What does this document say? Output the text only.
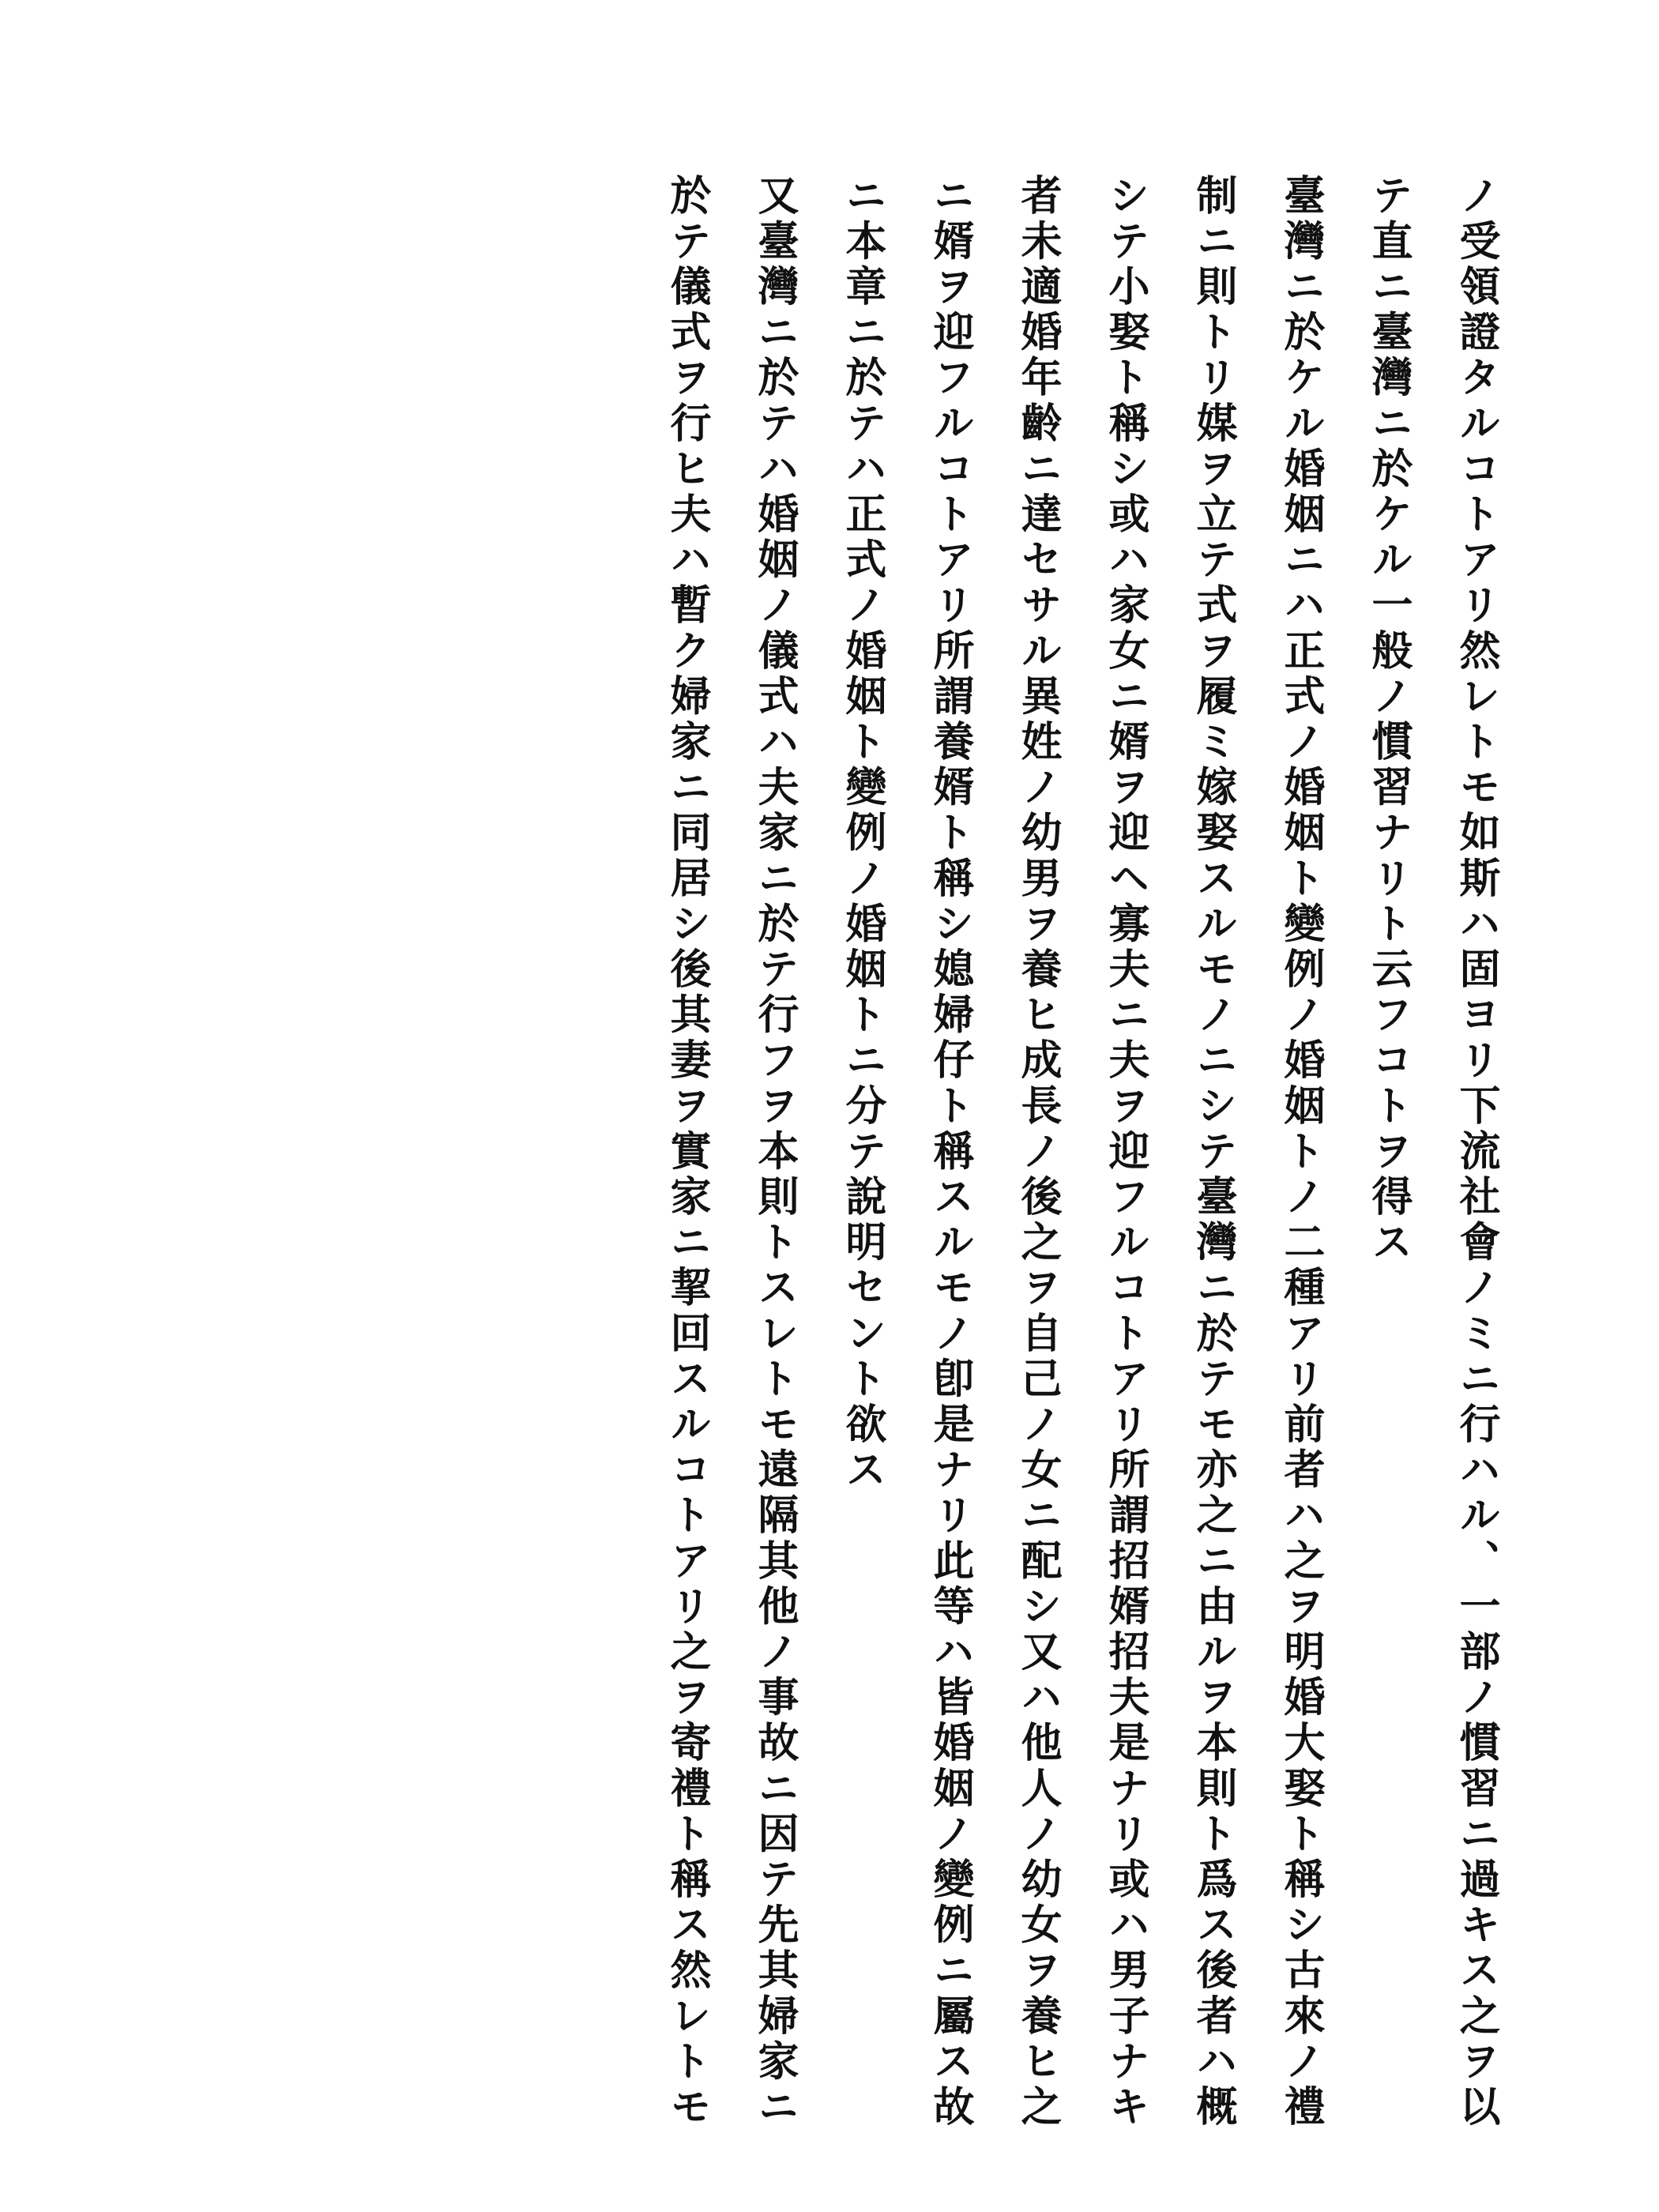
ノ受領證タルコトアリ然レトモ如斯ハ固ヨリ下流社會ノミニ行ハル、一部ノ慣習ニ過キス之ヲ以
テ直ニ臺灣ニ於ケル一般ノ慣習ナリト云フコトヲ得ス
臺灣ニ於ケル婚姻ニハ正式ノ婚姻ト變例ノ婚姻トノ二種アリ前者ハ之ヲ明婚大娶ト稱シ古來ノ禮
制ニ則トリ媒ヲ立テ式ヲ履ミ嫁娶スルモノニシテ臺灣ニ於テモ亦之ニ由ルヲ本則ト爲ス後者ハ概
シテ小娶ト稱シ或ハ家女ニ婿ヲ迎ヘ寡夫ニ夫ヲ迎フルコトアリ所謂招婿招夫是ナリ或ハ男子ナキ
者未適婚年齡ニ達セサル異姓ノ幼男ヲ養ヒ成長ノ後之ヲ自己ノ女ニ配シ又ハ他人ノ幼女ヲ養ヒ之
ニ婿ヲ迎フルコトアリ所謂養婿ト稱シ媳婦仔ト稱スルモノ卽是ナリ此等ハ皆婚姻ノ變例ニ屬ス故
ニ本章ニ於テハ正式ノ婚姻ト變例ノ婚姻トニ分テ說明セント欲ス
又臺灣ニ於テハ婚姻ノ儀式ハ夫家ニ於テ行フヲ本則トスレトモ遠隔其他ノ事故ニ因テ先其婦家ニ
於テ儀式ヲ行ヒ夫ハ暫ク婦家ニ同居シ後其妻ヲ實家ニ挈回スルコトアリ之ヲ寄禮ト稱ス然レトモ
